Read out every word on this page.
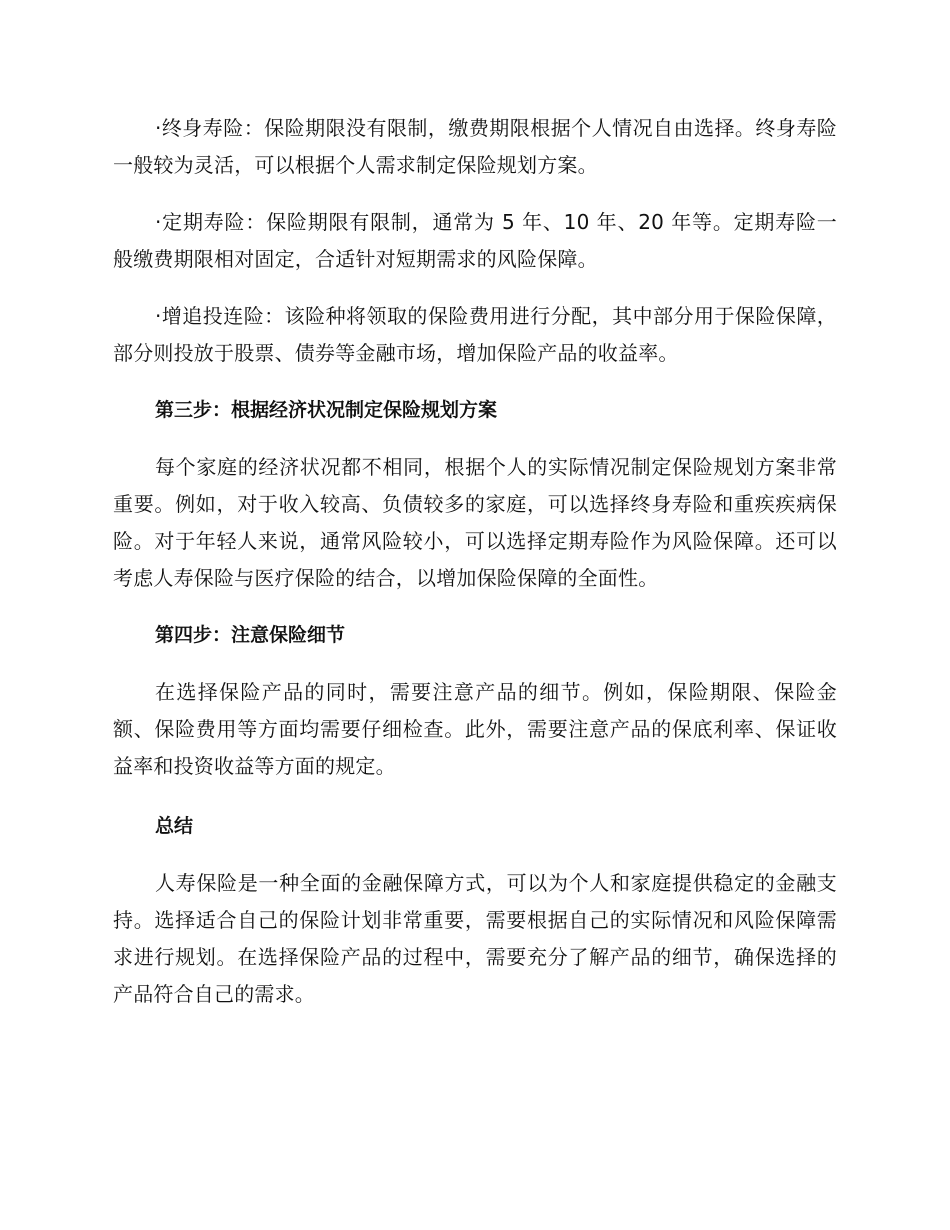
·终身寿险：保险期限没有限制，缴费期限根据个人情况自由选择。终身寿险一般较为灵活，可以根据个人需求制定保险规划方案。

·定期寿险：保险期限有限制，通常为 5 年、10 年、20 年等。定期寿险一般缴费期限相对固定，合适针对短期需求的风险保障。

·增追投连险：该险种将领取的保险费用进行分配，其中部分用于保险保障，部分则投放于股票、债券等金融市场，增加保险产品的收益率。

第三步：根据经济状况制定保险规划方案

每个家庭的经济状况都不相同，根据个人的实际情况制定保险规划方案非常重要。例如，对于收入较高、负债较多的家庭，可以选择终身寿险和重疾疾病保险。对于年轻人来说，通常风险较小，可以选择定期寿险作为风险保障。还可以考虑人寿保险与医疗保险的结合，以增加保险保障的全面性。

第四步：注意保险细节

在选择保险产品的同时，需要注意产品的细节。例如，保险期限、保险金额、保险费用等方面均需要仔细检查。此外，需要注意产品的保底利率、保证收益率和投资收益等方面的规定。

总结

人寿保险是一种全面的金融保障方式，可以为个人和家庭提供稳定的金融支持。选择适合自己的保险计划非常重要，需要根据自己的实际情况和风险保障需求进行规划。在选择保险产品的过程中，需要充分了解产品的细节，确保选择的产品符合自己的需求。
